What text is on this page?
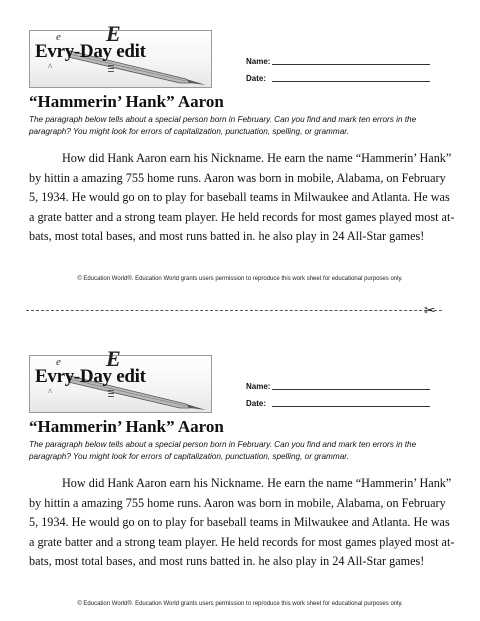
e E
Evry-Day edit
^
Name:
Date:
“Hammerin’ Hank” Aaron
The paragraph below tells about a special person born in February. Can you find and mark ten errors in the paragraph? You might look for errors of capitalization, punctuation, spelling, or grammar.
How did Hank Aaron earn his Nickname. He earn the name “Hammerin’ Hank” by hittin a amazing 755 home runs. Aaron was born in mobile, Alabama, on February 5, 1934. He would go on to play for baseball teams in Milwaukee and Atlanta. He was a grate batter and a strong team player. He held records for most games played most at-bats, most total bases, and most runs batted in. he also play in 24 All-Star games!
© Education World®. Education World grants users permission to reproduce this work sheet for educational purposes only.
✂
e E
Evry-Day edit
^
Name:
Date:
“Hammerin’ Hank” Aaron
The paragraph below tells about a special person born in February. Can you find and mark ten errors in the paragraph? You might look for errors of capitalization, punctuation, spelling, or grammar.
How did Hank Aaron earn his Nickname. He earn the name “Hammerin’ Hank” by hittin a amazing 755 home runs. Aaron was born in mobile, Alabama, on February 5, 1934. He would go on to play for baseball teams in Milwaukee and Atlanta. He was a grate batter and a strong team player. He held records for most games played most at-bats, most total bases, and most runs batted in. he also play in 24 All-Star games!
© Education World®. Education World grants users permission to reproduce this work sheet for educational purposes only.
